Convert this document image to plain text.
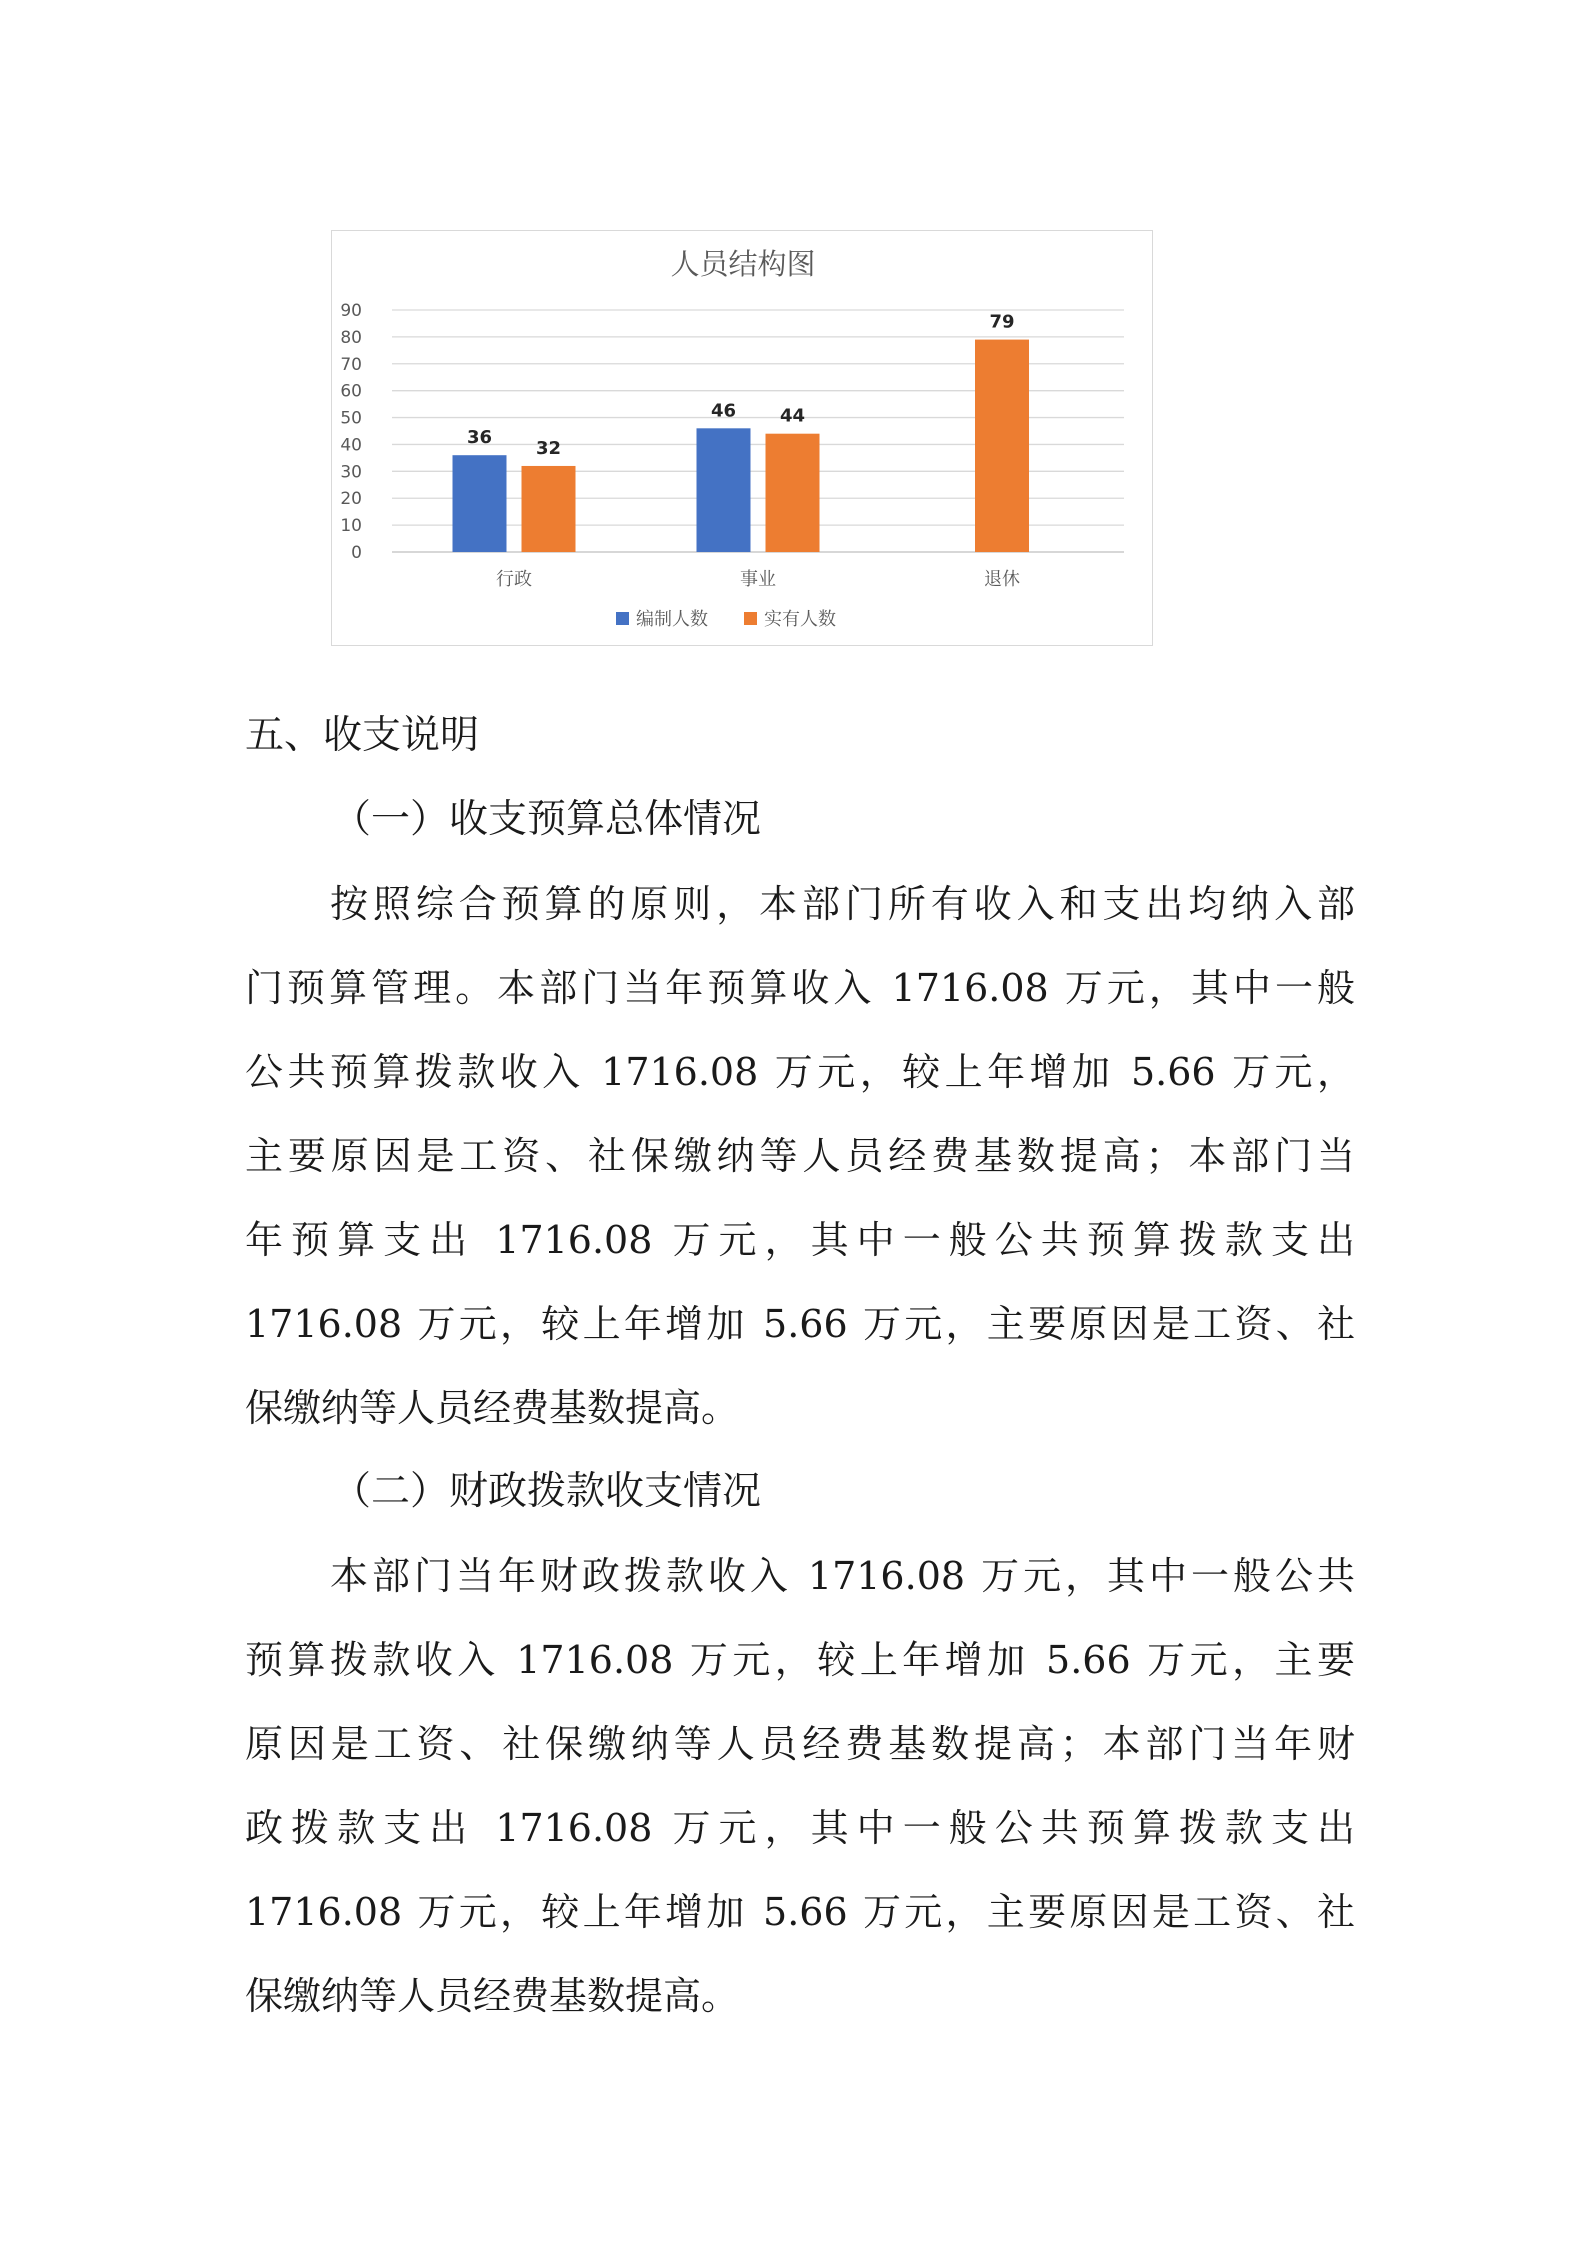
人员结构图
0
10
20
30
40
50
60
70
80
90
36
32
行政
46 44
事业
79
退休
编制人数	实有人数
五、收支说明
（一）收支预算总体情况
按照综合预算的原则，本部门所有收入和支出均纳入部
门预算管理。本部门当年预算收入 1716.08 万元，其中一般
公共预算拨款收入 1716.08 万元，较上年增加 5.66 万元，
主要原因是工资、社保缴纳等人员经费基数提高；本部门当
年预算支出 1716.08 万元，其中一般公共预算拨款支出
1716.08 万元，较上年增加 5.66 万元，主要原因是工资、社
保缴纳等人员经费基数提高。
（二）财政拨款收支情况
本部门当年财政拨款收入 1716.08 万元，其中一般公共
预算拨款收入 1716.08 万元，较上年增加 5.66 万元，主要
原因是工资、社保缴纳等人员经费基数提高；本部门当年财
政拨款支出 1716.08 万元，其中一般公共预算拨款支出
1716.08 万元，较上年增加 5.66 万元，主要原因是工资、社
保缴纳等人员经费基数提高。
